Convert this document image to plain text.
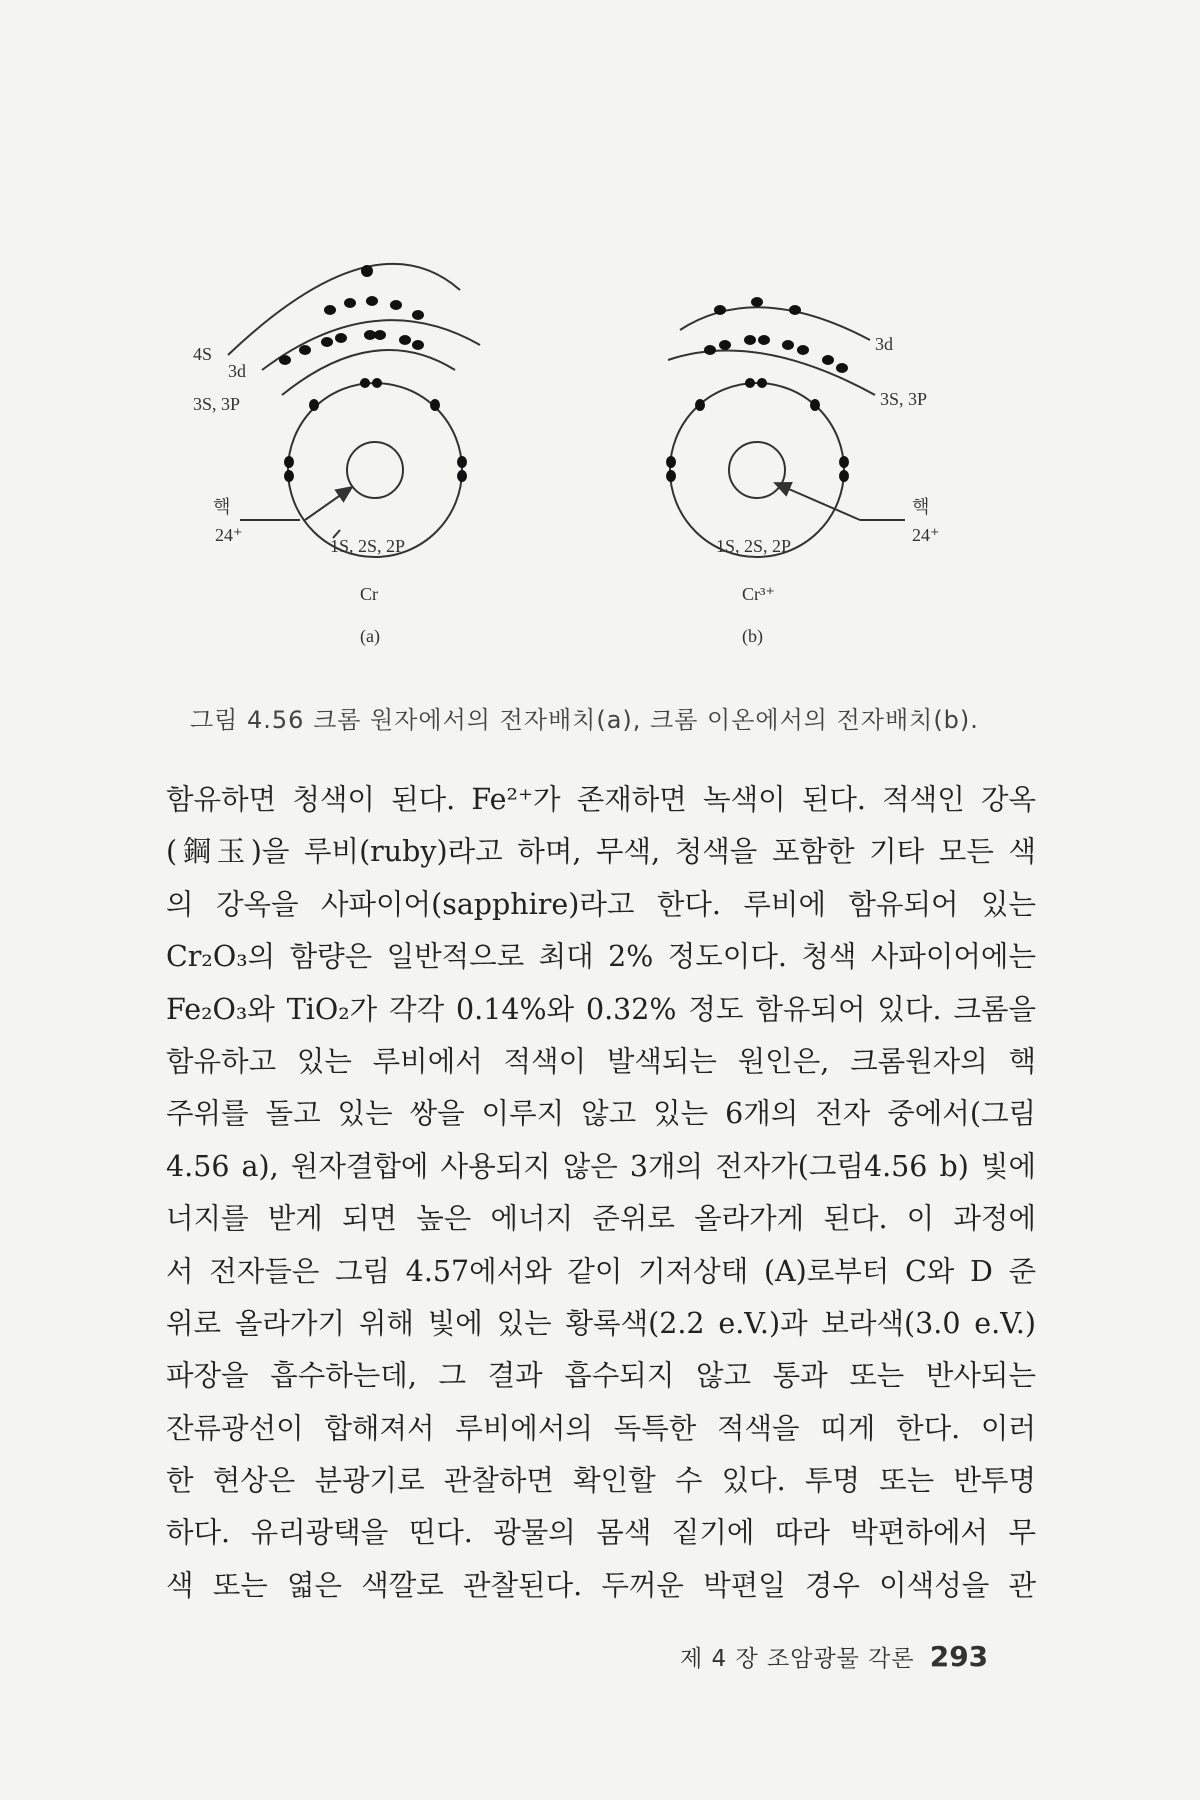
4S
3d
3S, 3P
핵
24⁺
1S, 2S, 2P
Cr
(a)
3d
3S, 3P
핵
24⁺
1S, 2S, 2P
Cr³⁺
(b)
그림 4.56 크롬 원자에서의 전자배치(a), 크롬 이온에서의 전자배치(b).
함유하면 청색이 된다. Fe²⁺가 존재하면 녹색이 된다. 적색인 강옥
(鋼玉)을 루비(ruby)라고 하며, 무색, 청색을 포함한 기타 모든 색
의 강옥을 사파이어(sapphire)라고 한다. 루비에 함유되어 있는
Cr₂O₃의 함량은 일반적으로 최대 2% 정도이다. 청색 사파이어에는
Fe₂O₃와 TiO₂가 각각 0.14%와 0.32% 정도 함유되어 있다. 크롬을
함유하고 있는 루비에서 적색이 발색되는 원인은, 크롬원자의 핵
주위를 돌고 있는 쌍을 이루지 않고 있는 6개의 전자 중에서(그림
4.56 a), 원자결합에 사용되지 않은 3개의 전자가(그림4.56 b) 빛에
너지를 받게 되면 높은 에너지 준위로 올라가게 된다. 이 과정에
서 전자들은 그림 4.57에서와 같이 기저상태 (A)로부터 C와 D 준
위로 올라가기 위해 빛에 있는 황록색(2.2 e.V.)과 보라색(3.0 e.V.)
파장을 흡수하는데, 그 결과 흡수되지 않고 통과 또는 반사되는
잔류광선이 합해져서 루비에서의 독특한 적색을 띠게 한다. 이러
한 현상은 분광기로 관찰하면 확인할 수 있다. 투명 또는 반투명
하다. 유리광택을 띤다. 광물의 몸색 짙기에 따라 박편하에서 무
색 또는 엷은 색깔로 관찰된다. 두꺼운 박편일 경우 이색성을 관
제 4 장 조암광물 각론 293
